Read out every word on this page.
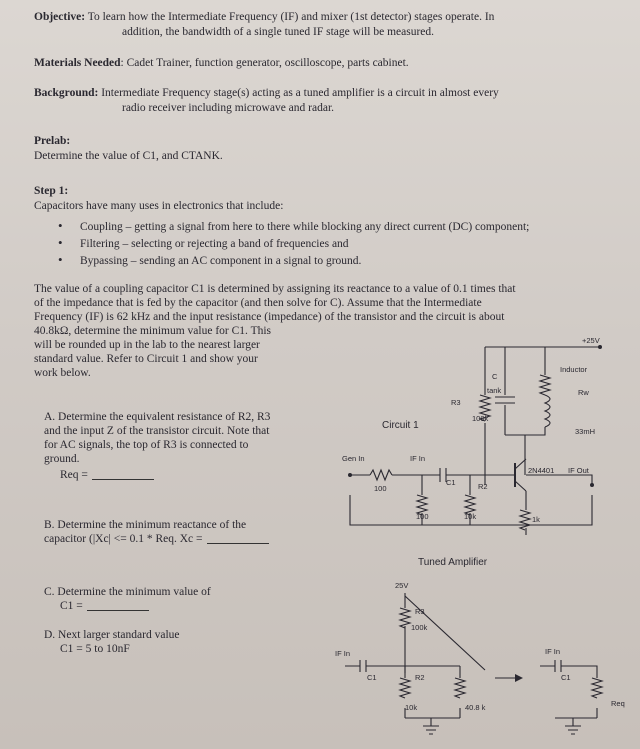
Objective: To learn how the Intermediate Frequency (IF) and mixer (1st detector) stages operate. In
addition, the bandwidth of a single tuned IF stage will be measured.
Materials Needed: Cadet Trainer, function generator, oscilloscope, parts cabinet.
Background: Intermediate Frequency stage(s) acting as a tuned amplifier is a circuit in almost every
radio receiver including microwave and radar.
Prelab:
Determine the value of C1, and CTANK.
Step 1:
Capacitors have many uses in electronics that include:
• Coupling – getting a signal from here to there while blocking any direct current (DC) component;
• Filtering – selecting or rejecting a band of frequencies and
• Bypassing – sending an AC component in a signal to ground.
The value of a coupling capacitor C1 is determined by assigning its reactance to a value of 0.1 times that
of the impedance that is fed by the capacitor (and then solve for C). Assume that the Intermediate
Frequency (IF) is 62 kHz and the input resistance (impedance) of the transistor and the circuit is about
40.8kΩ, determine the minimum value for C1. This
will be rounded up in the lab to the nearest larger
standard value. Refer to Circuit 1 and show your
work below.
A. Determine the equivalent resistance of R2, R3
and the input Z of the transistor circuit. Note that
for AC signals, the top of R3 is connected to
ground.
Req =
B. Determine the minimum reactance of the
capacitor (|Xc| <= 0.1 * Req. Xc =
C. Determine the minimum value of
C1 =
D. Next larger standard value
C1 = 5 to 10nF
+25V
Inductor
C
tank
R3
100k
Rw
33mH
Gen In	IF In
100
C1	R2
2N4401 IF Out
100	10k	1k
Circuit 1
Tuned Amplifier
25V
R3
100k
IF In
C1	R2
10k	40.8 k
IF In
C1
Req
